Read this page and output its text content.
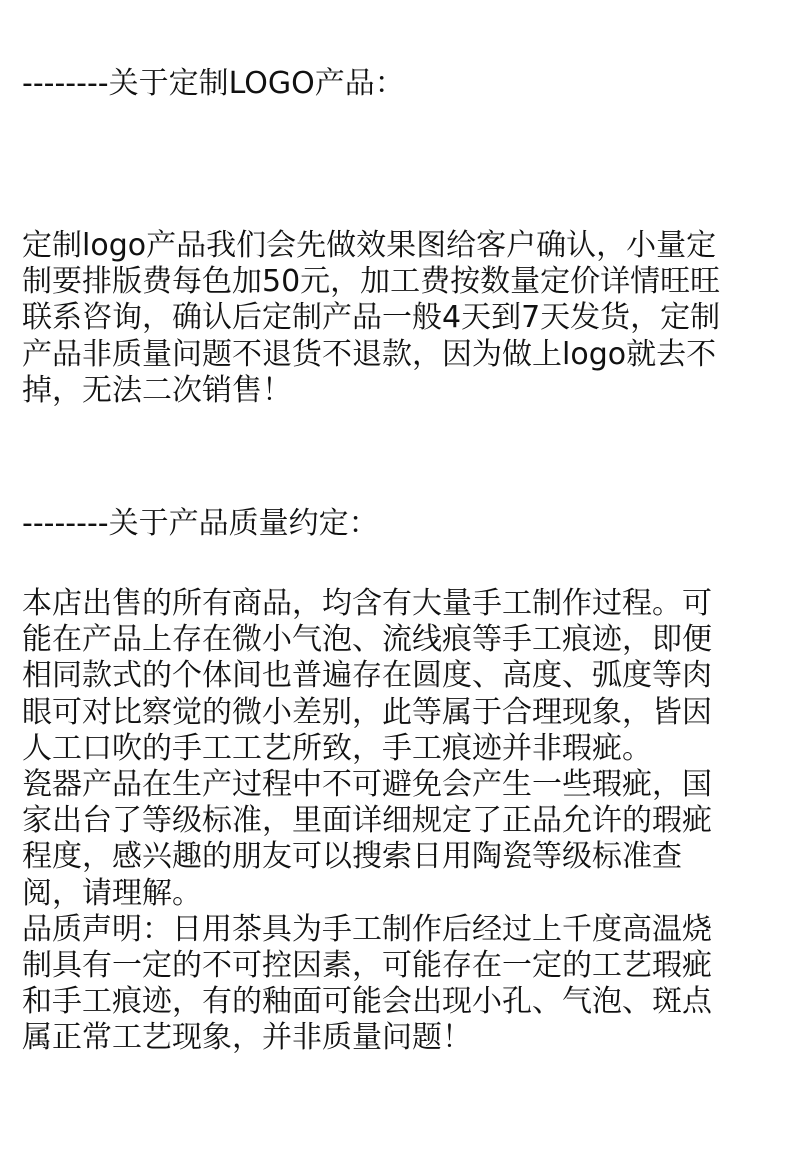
--------关于定制LOGO产品：
定制logo产品我们会先做效果图给客户确认，小量定
制要排版费每色加50元，加工费按数量定价详情旺旺
联系咨询，确认后定制产品一般4天到7天发货，定制
产品非质量问题不退货不退款，因为做上logo就去不
掉，无法二次销售！
--------关于产品质量约定：
本店出售的所有商品，均含有大量手工制作过程。可
能在产品上存在微小气泡、流线痕等手工痕迹，即便
相同款式的个体间也普遍存在圆度、高度、弧度等肉
眼可对比察觉的微小差别，此等属于合理现象，皆因
人工口吹的手工工艺所致，手工痕迹并非瑕疵。
瓷器产品在生产过程中不可避免会产生一些瑕疵，国
家出台了等级标准，里面详细规定了正品允许的瑕疵
程度，感兴趣的朋友可以搜索日用陶瓷等级标准查
阅，请理解。
品质声明：日用茶具为手工制作后经过上千度高温烧
制具有一定的不可控因素，可能存在一定的工艺瑕疵
和手工痕迹，有的釉面可能会出现小孔、气泡、斑点
属正常工艺现象，并非质量问题！
